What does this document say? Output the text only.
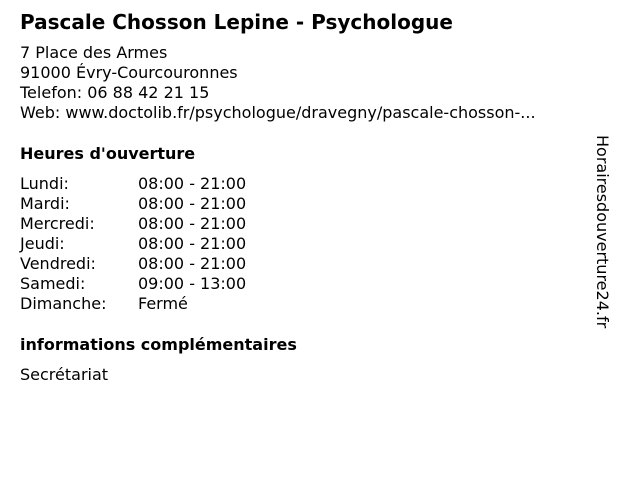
Pascale Chosson Lepine - Psychologue
7 Place des Armes
91000 Évry-Courcouronnes
Telefon: 06 88 42 21 15
Web: www.doctolib.fr/psychologue/dravegny/pascale-chosson-...
Heures d'ouverture
Lundi:	08:00 - 21:00
Mardi:	08:00 - 21:00
Mercredi:	08:00 - 21:00
Jeudi:	08:00 - 21:00
Vendredi:	08:00 - 21:00
Samedi:	09:00 - 13:00
Dimanche:	Fermé
informations complémentaires
Secrétariat
Horairesdouverture24.fr
